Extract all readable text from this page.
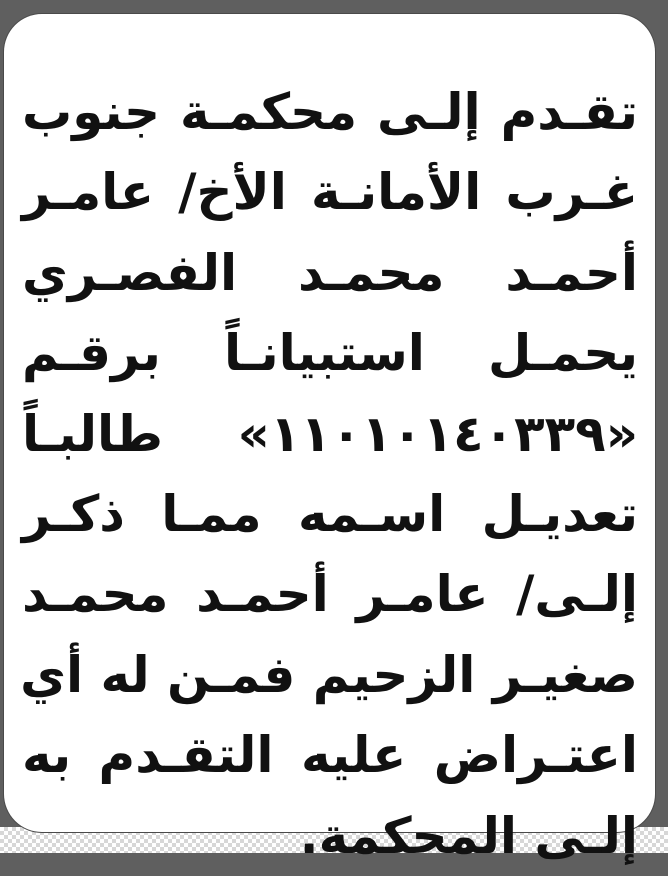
تقـدم إلـى محكمـة جنوب
غـرب الأمانـة الأخ/ عامـر
أحمـد محمـد الفصـري
يحمـل استبيانـاً برقـم
«١١٠١٠١٤٠٣٣٩» طالبـاً
تعديـل اسـمه ممـا ذكـر
إلـى/ عامـر أحمـد محمـد
صغيـر الزحيم فمـن له أي
اعتـراض عليه التقـدم به
إلـى المحكمة.
